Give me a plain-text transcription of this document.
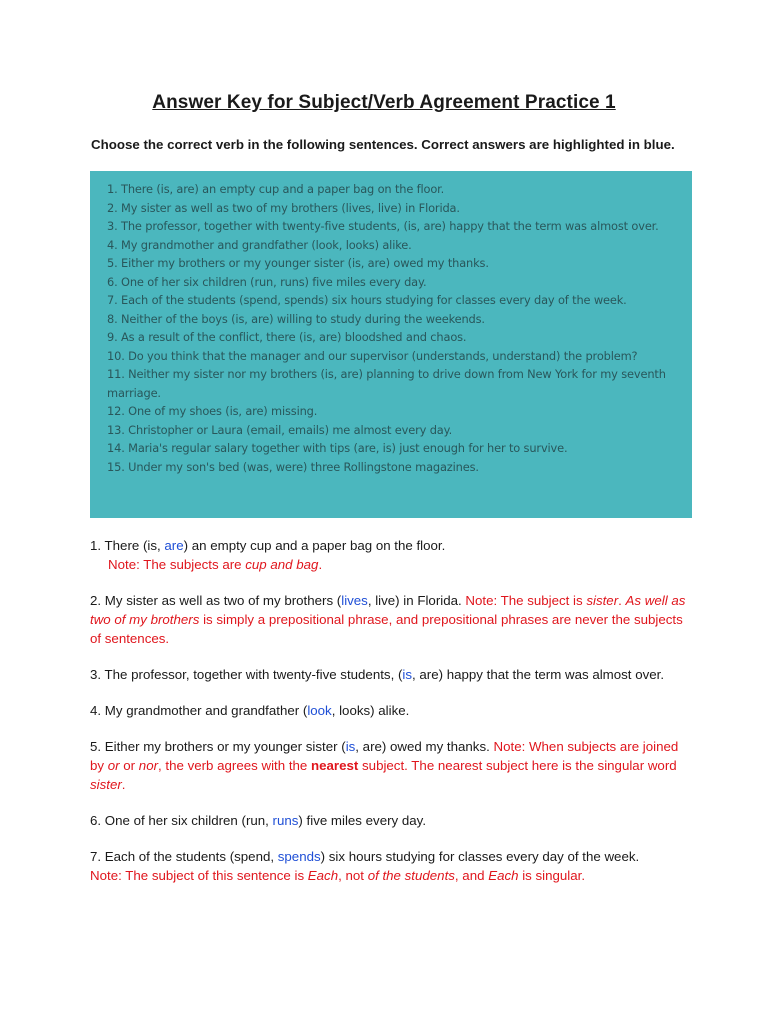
Answer Key for Subject/Verb Agreement Practice 1
Choose the correct verb in the following sentences. Correct answers are highlighted in blue.
1. There (is, are) an empty cup and a paper bag on the floor.
2. My sister as well as two of my brothers (lives, live) in Florida.
3. The professor, together with twenty-five students, (is, are) happy that the term was almost over.
4. My grandmother and grandfather (look, looks) alike.
5. Either my brothers or my younger sister (is, are) owed my thanks.
6. One of her six children (run, runs) five miles every day.
7. Each of the students (spend, spends) six hours studying for classes every day of the week.
8. Neither of the boys (is, are) willing to study during the weekends.
9. As a result of the conflict, there (is, are) bloodshed and chaos.
10. Do you think that the manager and our supervisor (understands, understand) the problem?
11. Neither my sister nor my brothers (is, are) planning to drive down from New York for my seventh
marriage.
12. One of my shoes (is, are) missing.
13. Christopher or Laura (email, emails) me almost every day.
14. Maria's regular salary together with tips (are, is) just enough for her to survive.
15. Under my son's bed (was, were) three Rollingstone magazines.
1. There (is, are) an empty cup and a paper bag on the floor.
Note: The subjects are cup and bag.
2. My sister as well as two of my brothers (lives, live) in Florida. Note: The subject is sister. As well as two of my brothers is simply a prepositional phrase, and prepositional phrases are never the subjects of sentences.
3. The professor, together with twenty-five students, (is, are) happy that the term was almost over.
4. My grandmother and grandfather (look, looks) alike.
5. Either my brothers or my younger sister (is, are) owed my thanks. Note: When subjects are joined by or or nor, the verb agrees with the nearest subject. The nearest subject here is the singular word sister.
6. One of her six children (run, runs) five miles every day.
7. Each of the students (spend, spends) six hours studying for classes every day of the week.
Note: The subject of this sentence is Each, not of the students, and Each is singular.
